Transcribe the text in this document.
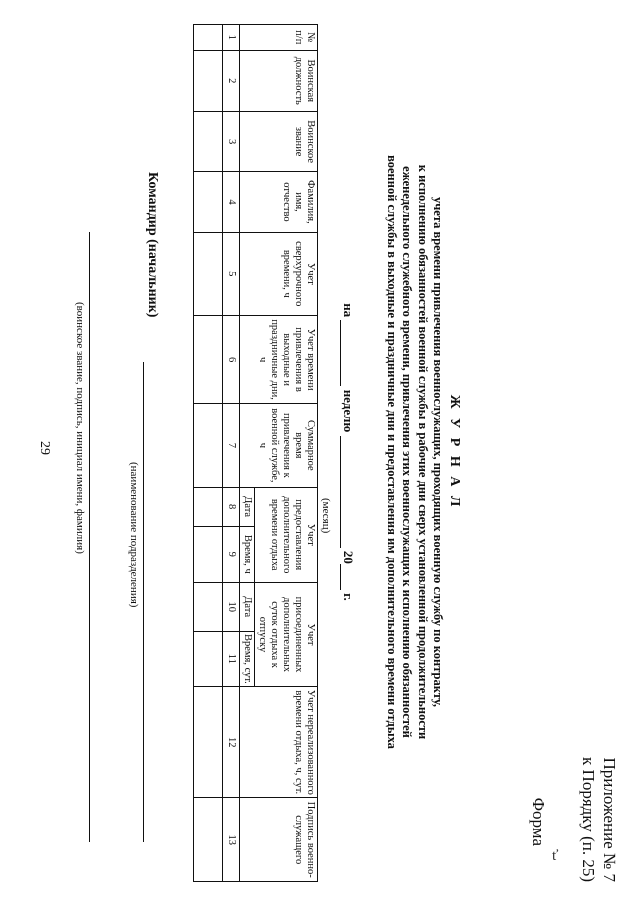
29
Приложение № 7
к Порядку (п. 25)
Форма
Ж У Р Н А Л
учета времени привлечения военнослужащих, проходящих военную службу по контракту,
к исполнению обязанностей военной службы в рабочие дни сверх установленной продолжительности
еженедельного служебного времени, привлечения этих военнослужащих к исполнению обязанностей
военной службы в выходные и праздничные дни и предоставления им дополнительного времени отдыха
на  неделю  20 г.
(месяц)
№ п/п	Воинская должность	Воинское звание	Фамилия, имя, отчество	Учет сверхурочного времени, ч	Учет времени привлечения в выходные и праздничные дни, ч	Суммарное время привлечения к военной службе, ч	Учет предоставления дополнительного времени отдыха		Учет присоединенных дополнительных суток отдыха к отпуску		Учет нереализованного времени отдыха, ч, сут.	Подпись военно-служащего
							Дата	Время, ч	Дата	Время, сут.		
1	2	3	4	5	6	7	8	9	10	11	12	13

Командир (начальник)
(наименование подразделения)
(воинское звание, подпись, инициал имени, фамилия)
ť
